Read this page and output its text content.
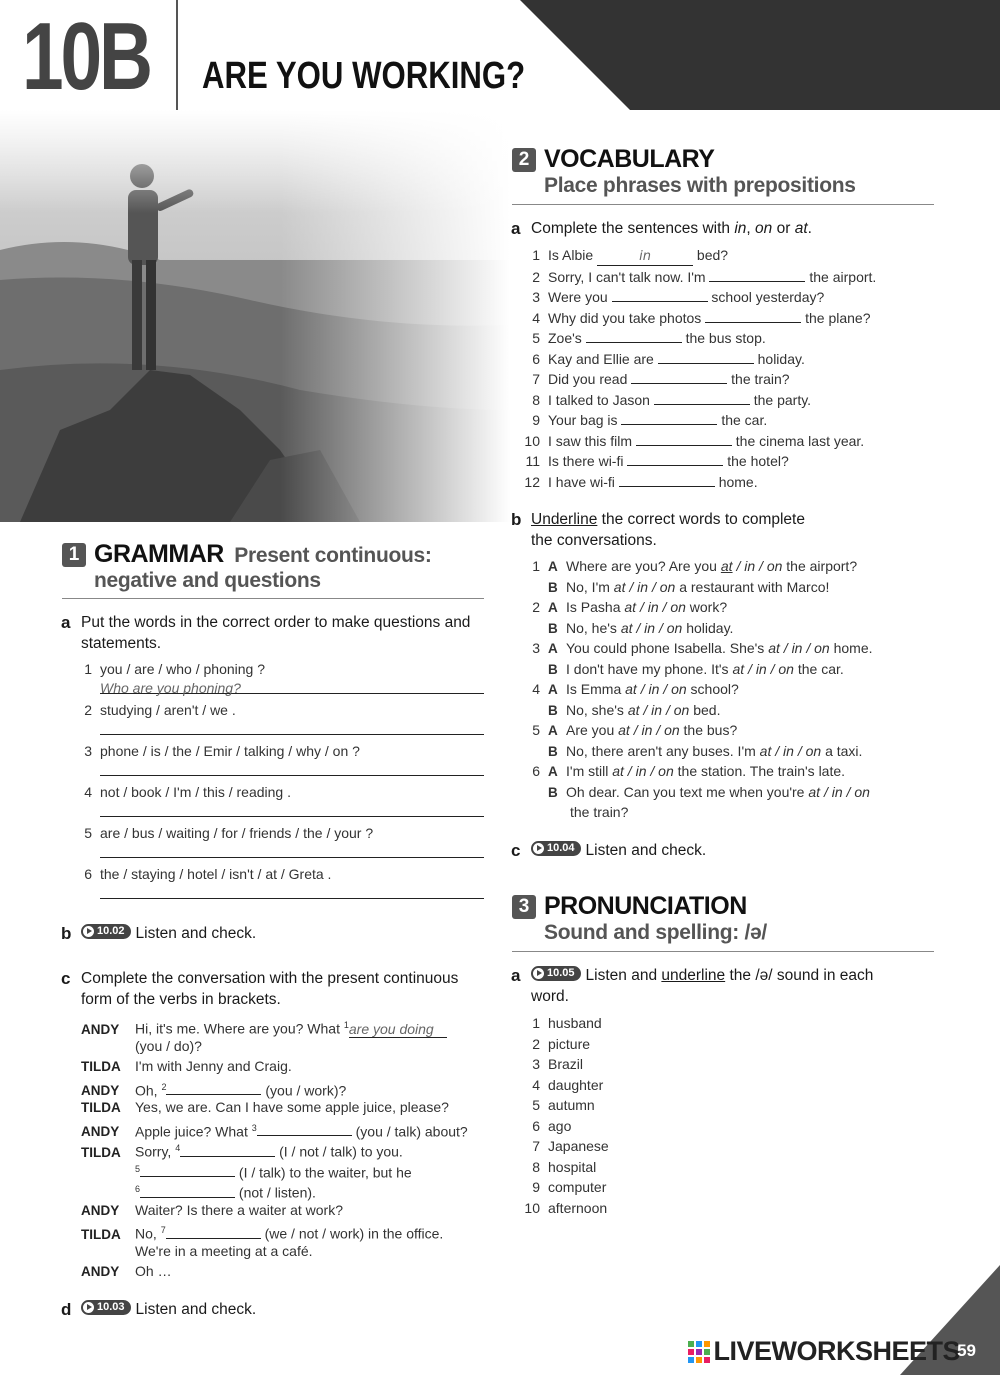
10B ARE YOU WORKING?
1 GRAMMAR Present continuous:
negative and questions
a Put the words in the correct order to make questions and statements.
b 10.02 Listen and check.
c Complete the conversation with the present continuous form of the verbs in brackets.
d 10.03 Listen and check.
2 VOCABULARY
Place phrases with prepositions
a Complete the sentences with in, on or at.
b Underline the correct words to complete
the conversations.
the train?
c 10.04 Listen and check.
3 PRONUNCIATION
Sound and spelling: /ə/
a 10.05 Listen and underline the /ə/ sound in each
word.
LIVEWORKSHEETS
59
1 you / are / who / phoning ?
Who are you phoning?
2 studying / aren't / we .
3 phone / is / the / Emir / talking / why / on ?
4 not / book / I'm / this / reading .
5 are / bus / waiting / for / friends / the / your ?
6 the / staying / hotel / isn't / at / Greta .
ANDY Hi, it's me. Where are you? What $^1$are you doing
(you / do)?
TILDA I'm with Jenny and Craig.
ANDY Oh, $^2$	(you / work)?
TILDA Yes, we are. Can I have some apple juice, please?
ANDY Apple juice? What $^3$	(you / talk) about?
TILDA Sorry, $^4$	(I / not / talk) to you.
$^5$	(I / talk) to the waiter, but he
$^6$	(not / listen).
ANDY Waiter? Is there a waiter at work?
TILDA No, $^7$	(we / not / work) in the office.
We're in a meeting at a café.
ANDY Oh …
1 Is Albie	in	bed?
2 Sorry, I can't talk now. I'm	the airport.
3 Were you	school yesterday?
4 Why did you take photos	the plane?
5 Zoe's	the bus stop.
6 Kay and Ellie are	holiday.
7 Did you read	the train?
8 I talked to Jason	the party.
9 Your bag is	the car.
10 I saw this film	the cinema last year.
11 Is there wi-fi	the hotel?
12 I have wi-fi	home.
1 A Where are you? Are you at / in / on the airport?
B No, I'm at / in / on a restaurant with Marco!
2 A Is Pasha at / in / on work?
B No, he's at / in / on holiday.
3 A You could phone Isabella. She's at / in / on home.
B I don't have my phone. It's at / in / on the car.
4 A Is Emma at / in / on school?
B No, she's at / in / on bed.
5 A Are you at / in / on the bus?
B No, there aren't any buses. I'm at / in / on a taxi.
6 A I'm still at / in / on the station. The train's late.
B Oh dear. Can you text me when you're at / in / on
1 husband
2 picture
3 Brazil
4 daughter
5 autumn
6 ago
7 Japanese
8 hospital
9 computer
10 afternoon
